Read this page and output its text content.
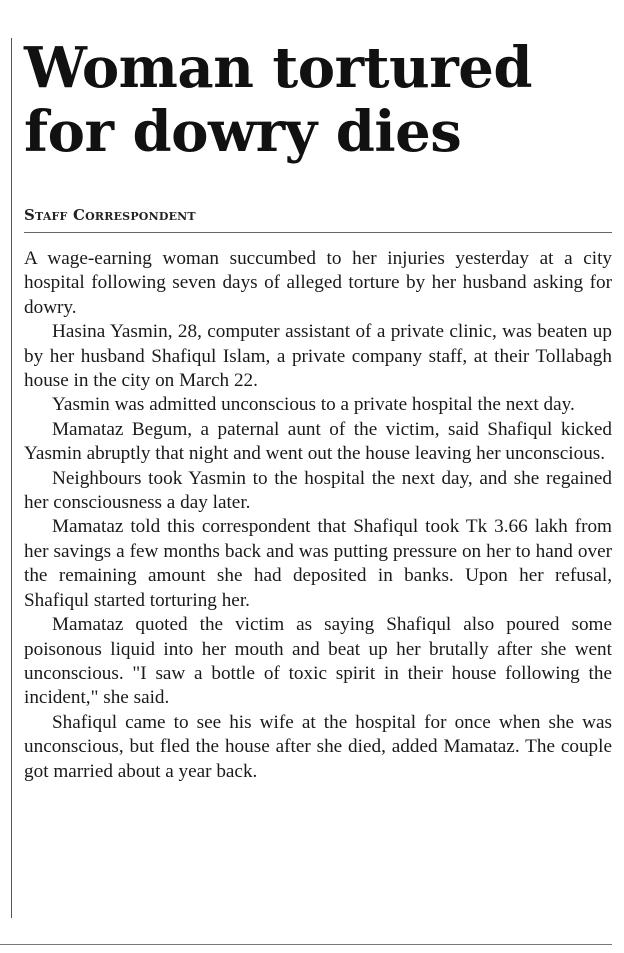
Woman tortured
for dowry dies
Staff Correspondent

A wage-earning woman succumbed to her injuries yesterday at a city hospital following seven days of alleged torture by her husband asking for dowry.

Hasina Yasmin, 28, computer assistant of a private clinic, was beaten up by her husband Shafiqul Islam, a private company staff, at their Tollabagh house in the city on March 22.

Yasmin was admitted unconscious to a private hospital the next day.

Mamataz Begum, a paternal aunt of the victim, said Shafiqul kicked Yasmin abruptly that night and went out the house leaving her unconscious.

Neighbours took Yasmin to the hospital the next day, and she regained her consciousness a day later.

Mamataz told this correspondent that Shafiqul took Tk 3.66 lakh from her savings a few months back and was putting pressure on her to hand over the remaining amount she had deposited in banks. Upon her refusal, Shafiqul started torturing her.

Mamataz quoted the victim as saying Shafiqul also poured some poisonous liquid into her mouth and beat up her brutally after she went unconscious. "I saw a bottle of toxic spirit in their house following the incident," she said.

Shafiqul came to see his wife at the hospital for once when she was unconscious, but fled the house after she died, added Mamataz. The couple got married about a year back.
